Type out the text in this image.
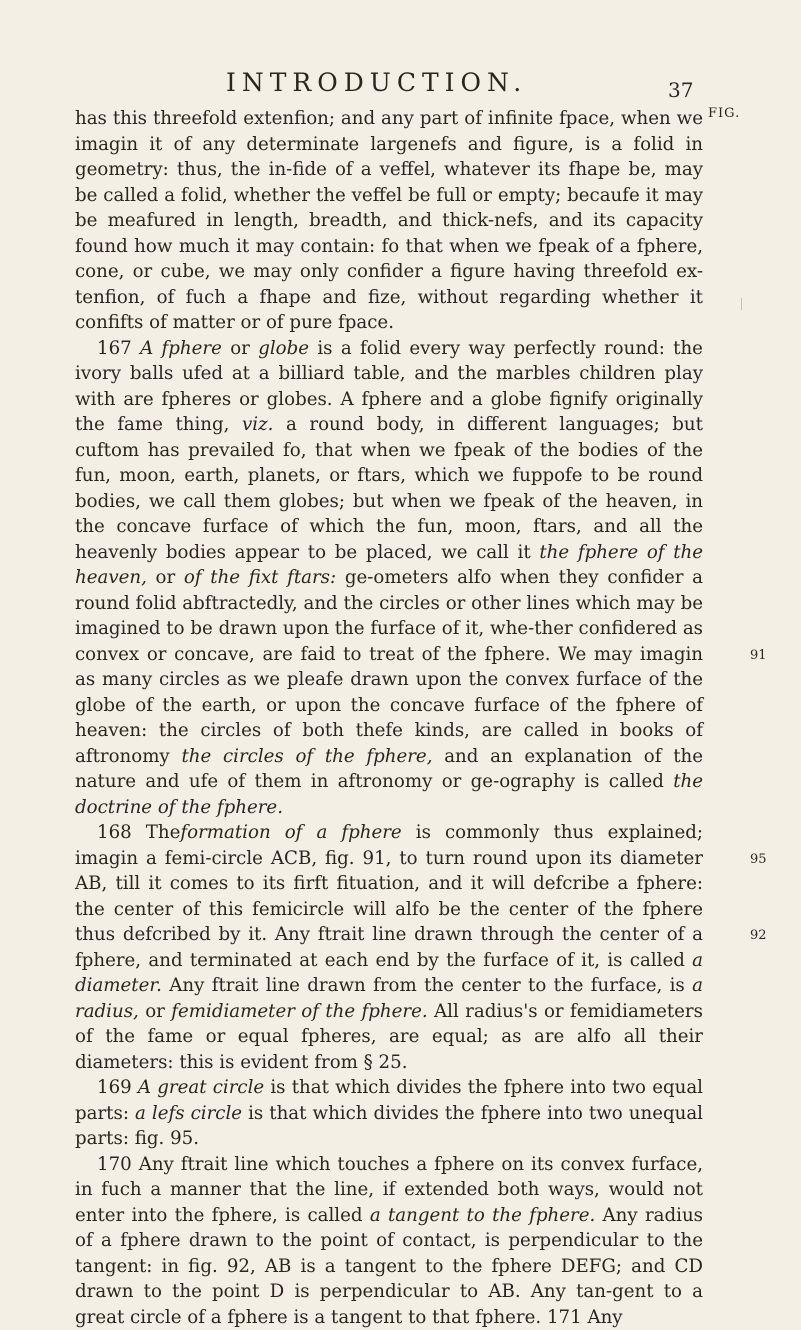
INTRODUCTION.	37
FIG.
91
95
92

has this threefold extenfion; and any part of infinite fpace, when we imagin it of any determinate largenefs and figure, is a folid in geometry: thus, the in-fide of a veffel, whatever its fhape be, may be called a folid, whether the veffel be full or empty; becaufe it may be meafured in length, breadth, and thick-nefs, and its capacity found how much it may contain: fo that when we fpeak of a fphere, cone, or cube, we may only confider a figure having threefold ex-tenfion, of fuch a fhape and fize, without regarding whether it confifts of matter or of pure fpace.

167 A fphere or globe is a folid every way perfectly round: the ivory balls ufed at a billiard table, and the marbles children play with are fpheres or globes. A fphere and a globe fignify originally the fame thing, viz. a round body, in different languages; but cuftom has prevailed fo, that when we fpeak of the bodies of the fun, moon, earth, planets, or ftars, which we fuppofe to be round bodies, we call them globes; but when we fpeak of the heaven, in the concave furface of which the fun, moon, ftars, and all the heavenly bodies appear to be placed, we call it the fphere of the heaven, or of the fixt ftars: ge-ometers alfo when they confider a round folid abftractedly, and the circles or other lines which may be imagined to be drawn upon the furface of it, whe-ther confidered as convex or concave, are faid to treat of the fphere. We may imagin as many circles as we pleafe drawn upon the convex furface of the globe of the earth, or upon the concave furface of the fphere of heaven: the circles of both thefe kinds, are called in books of aftronomy the circles of the fphere, and an explanation of the nature and ufe of them in aftronomy or ge-ography is called the doctrine of the fphere.

168 Theformation of a fphere is commonly thus explained; imagin a femi-circle ACB, fig. 91, to turn round upon its diameter AB, till it comes to its firft fituation, and it will defcribe a fphere: the center of this femicircle will alfo be the center of the fphere thus defcribed by it. Any ftrait line drawn through the center of a fphere, and terminated at each end by the furface of it, is called a diameter. Any ftrait line drawn from the center to the furface, is a radius, or femidiameter of the fphere. All radius's or femidiameters of the fame or equal fpheres, are equal; as are alfo all their diameters: this is evident from § 25.

169 A great circle is that which divides the fphere into two equal parts: a lefs circle is that which divides the fphere into two unequal parts: fig. 95.

170 Any ftrait line which touches a fphere on its convex furface, in fuch a manner that the line, if extended both ways, would not enter into the fphere, is called a tangent to the fphere. Any radius of a fphere drawn to the point of contact, is perpendicular to the tangent: in fig. 92, AB is a tangent to the fphere DEFG; and CD drawn to the point D is perpendicular to AB. Any tan-gent to a great circle of a fphere is a tangent to that fphere. 171 Any
